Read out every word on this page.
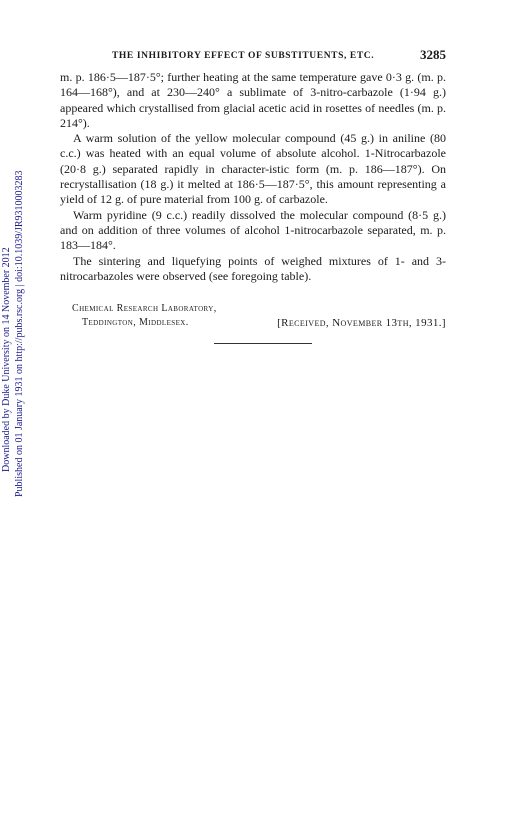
Downloaded by Duke University on 14 November 2012 Published on 01 January 1931 on http://pubs.rsc.org | doi:10.1039/JR9310003283
THE INHIBITORY EFFECT OF SUBSTITUENTS, ETC.	3285

m. p. 186·5—187·5°; further heating at the same temperature gave 0·3 g. (m. p. 164—168°), and at 230—240° a sublimate of 3-nitro-carbazole (1·94 g.) appeared which crystallised from glacial acetic acid in rosettes of needles (m. p. 214°).

A warm solution of the yellow molecular compound (45 g.) in aniline (80 c.c.) was heated with an equal volume of absolute alcohol. 1-Nitrocarbazole (20·8 g.) separated rapidly in character-istic form (m. p. 186—187°). On recrystallisation (18 g.) it melted at 186·5—187·5°, this amount representing a yield of 12 g. of pure material from 100 g. of carbazole.

Warm pyridine (9 c.c.) readily dissolved the molecular compound (8·5 g.) and on addition of three volumes of alcohol 1-nitrocarbazole separated, m. p. 183—184°.

The sintering and liquefying points of weighed mixtures of 1- and 3-nitrocarbazoles were observed (see foregoing table).

Chemical Research Laboratory,
Teddington, Middlesex.	[Received, November 13th, 1931.]
